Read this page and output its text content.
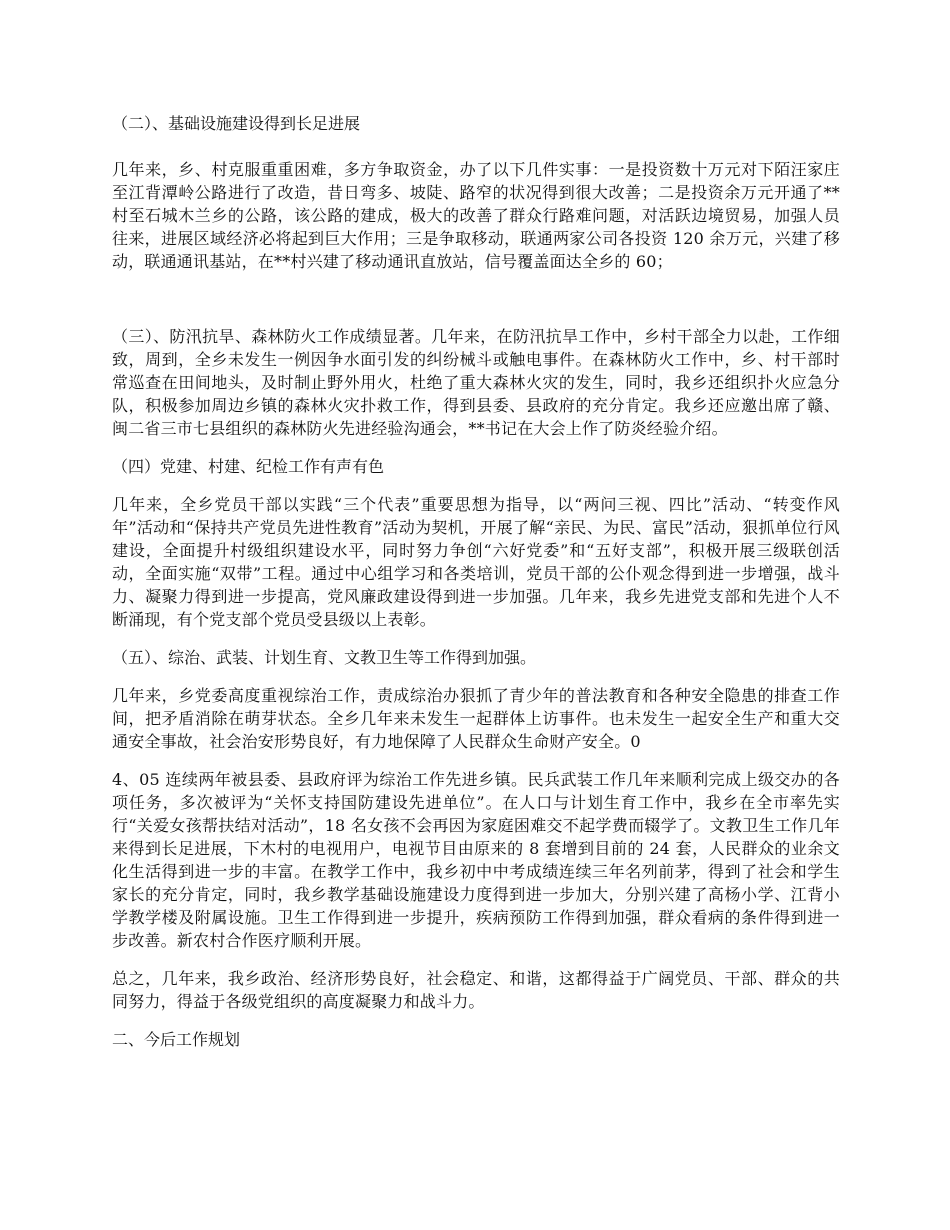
（二）、基础设施建设得到长足进展

几年来，乡、村克服重重困难，多方争取资金，办了以下几件实事：一是投资数十万元对下陌汪家庄至江背潭岭公路进行了改造，昔日弯多、坡陡、路窄的状况得到很大改善；二是投资余万元开通了**村至石城木兰乡的公路，该公路的建成，极大的改善了群众行路难问题，对活跃边境贸易，加强人员往来，进展区域经济必将起到巨大作用；三是争取移动，联通两家公司各投资 120 余万元，兴建了移动，联通通讯基站，在**村兴建了移动通讯直放站，信号覆盖面达全乡的 60；

（三）、防汛抗旱、森林防火工作成绩显著。几年来，在防汛抗旱工作中，乡村干部全力以赴，工作细致，周到，全乡未发生一例因争水面引发的纠纷械斗或触电事件。在森林防火工作中，乡、村干部时常巡查在田间地头，及时制止野外用火，杜绝了重大森林火灾的发生，同时，我乡还组织扑火应急分队，积极参加周边乡镇的森林火灾扑救工作，得到县委、县政府的充分肯定。我乡还应邀出席了赣、闽二省三市七县组织的森林防火先进经验沟通会，**书记在大会上作了防炎经验介绍。

（四）党建、村建、纪检工作有声有色

几年来，全乡党员干部以实践“三个代表”重要思想为指导，以“两问三视、四比”活动、“转变作风年”活动和“保持共产党员先进性教育”活动为契机，开展了解“亲民、为民、富民”活动，狠抓单位行风建设，全面提升村级组织建设水平，同时努力争创“六好党委”和“五好支部”，积极开展三级联创活动，全面实施“双带”工程。通过中心组学习和各类培训，党员干部的公仆观念得到进一步增强，战斗力、凝聚力得到进一步提高，党风廉政建设得到进一步加强。几年来，我乡先进党支部和先进个人不断涌现，有个党支部个党员受县级以上表彰。

（五）、综治、武装、计划生育、文教卫生等工作得到加强。

几年来，乡党委高度重视综治工作，责成综治办狠抓了青少年的普法教育和各种安全隐患的排查工作间，把矛盾消除在萌芽状态。全乡几年来未发生一起群体上访事件。也未发生一起安全生产和重大交通安全事故，社会治安形势良好，有力地保障了人民群众生命财产安全。0

4、05 连续两年被县委、县政府评为综治工作先进乡镇。民兵武装工作几年来顺利完成上级交办的各项任务，多次被评为“关怀支持国防建设先进单位”。在人口与计划生育工作中，我乡在全市率先实行“关爱女孩帮扶结对活动”，18 名女孩不会再因为家庭困难交不起学费而辍学了。文教卫生工作几年来得到长足进展，下木村的电视用户，电视节目由原来的 8 套增到目前的 24 套，人民群众的业余文化生活得到进一步的丰富。在教学工作中，我乡初中中考成绩连续三年名列前茅，得到了社会和学生家长的充分肯定，同时，我乡教学基础设施建设力度得到进一步加大，分别兴建了高杨小学、江背小学教学楼及附属设施。卫生工作得到进一步提升，疾病预防工作得到加强，群众看病的条件得到进一步改善。新农村合作医疗顺利开展。

总之，几年来，我乡政治、经济形势良好，社会稳定、和谐，这都得益于广阔党员、干部、群众的共同努力，得益于各级党组织的高度凝聚力和战斗力。

二、今后工作规划
